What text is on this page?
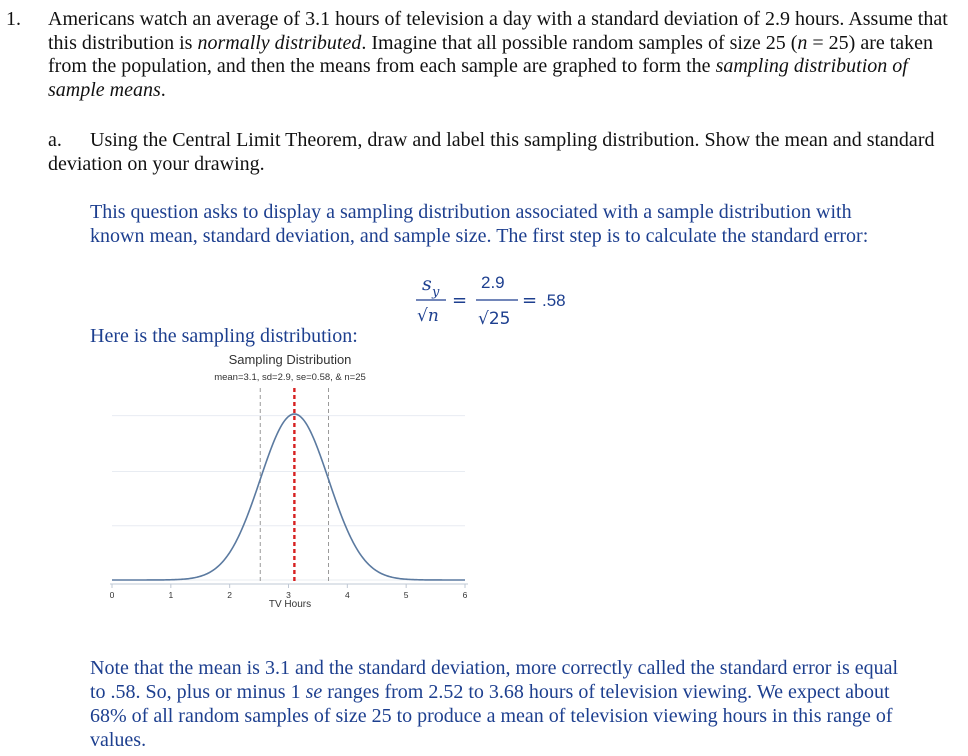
1. Americans watch an average of 3.1 hours of television a day with a standard deviation of 2.9 hours. Assume that this distribution is normally distributed. Imagine that all possible random samples of size 25 (n = 25) are taken from the population, and then the means from each sample are graphed to form the sampling distribution of sample means.
a. Using the Central Limit Theorem, draw and label this sampling distribution. Show the mean and standard deviation on your drawing.
This question asks to display a sampling distribution associated with a sample distribution with known mean, standard deviation, and sample size. The first step is to calculate the standard error:
s y
√n
=
2.9
√25
= .58
Here is the sampling distribution:
Sampling Distribution
mean=3.1, sd=2.9, se=0.58, & n=25
0	1	2	3	4	5	6
TV Hours
Note that the mean is 3.1 and the standard deviation, more correctly called the standard error is equal to .58. So, plus or minus 1 se ranges from 2.52 to 3.68 hours of television viewing. We expect about 68% of all random samples of size 25 to produce a mean of television viewing hours in this range of values.
